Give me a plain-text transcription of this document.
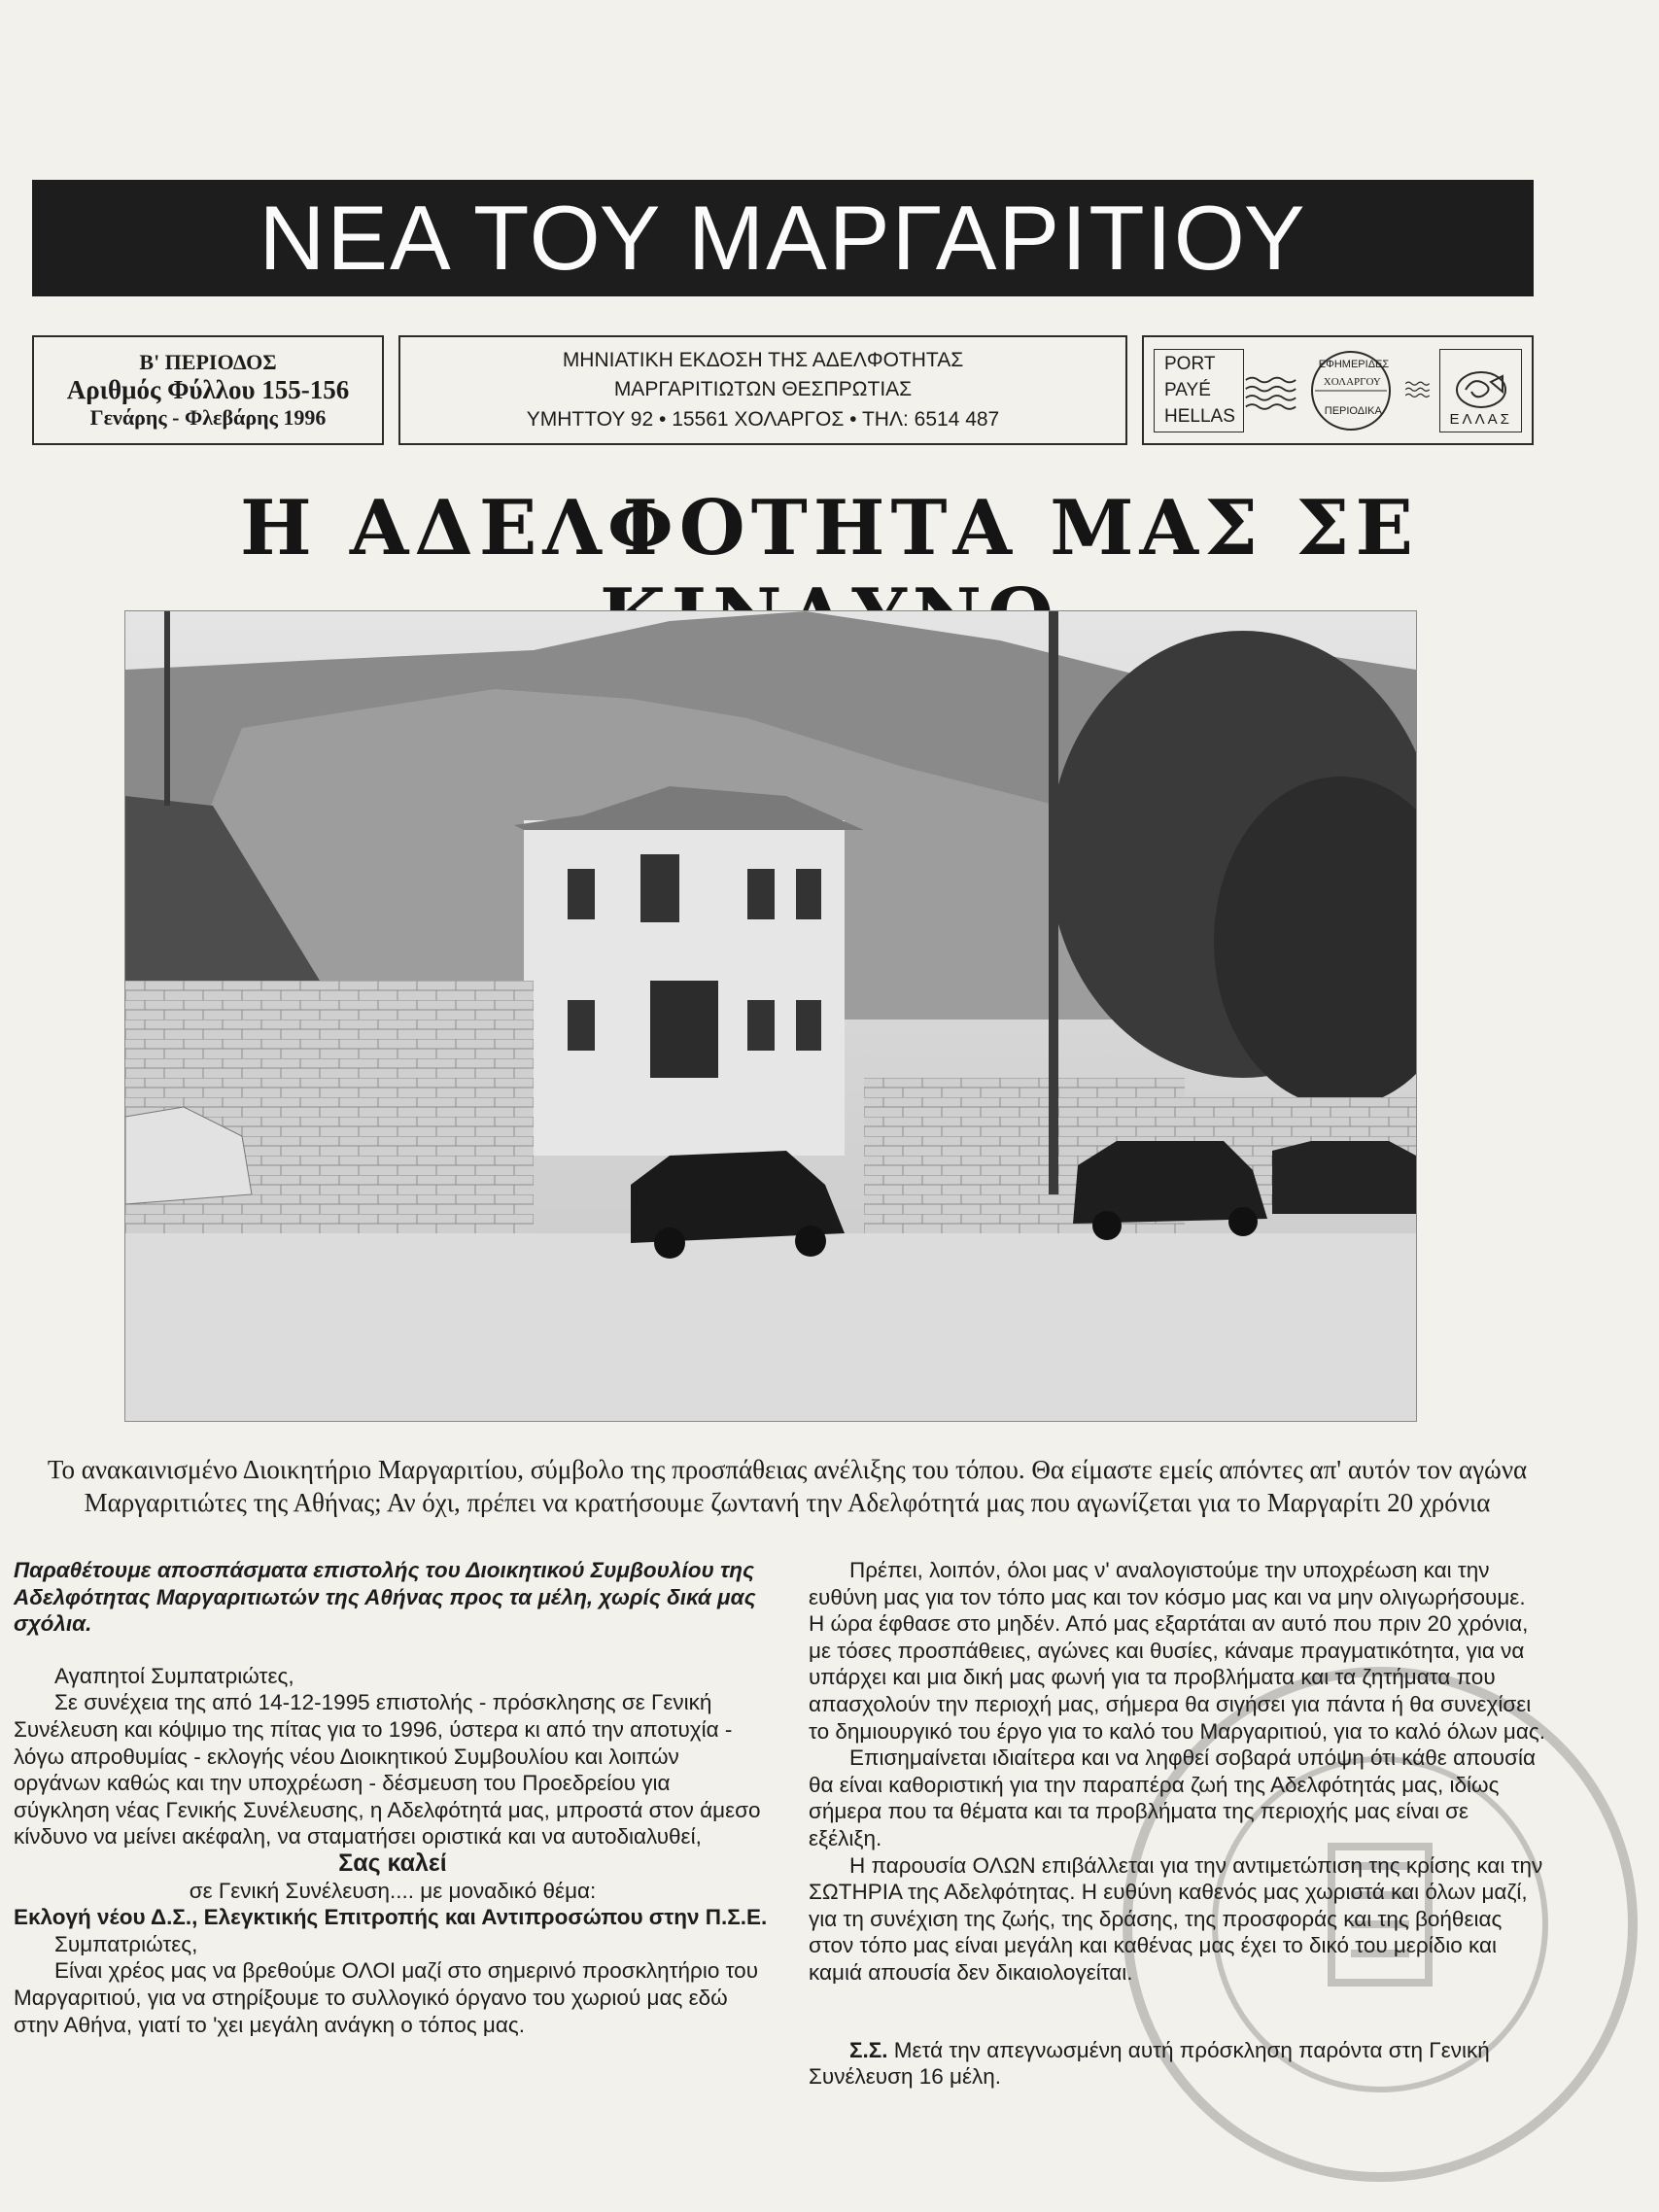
ΝΕΑ ΤΟΥ ΜΑΡΓΑΡΙΤΙΟΥ
Β' ΠΕΡΙΟΔΟΣ
Αριθμός Φύλλου 155-156
Γενάρης - Φλεβάρης 1996
ΜΗΝΙΑΤΙΚΗ ΕΚΔΟΣΗ ΤΗΣ ΑΔΕΛΦΟΤΗΤΑΣ
ΜΑΡΓΑΡΙΤΙΩΤΩΝ ΘΕΣΠΡΩΤΙΑΣ
ΥΜΗΤΤΟΥ 92 • 15561 ΧΟΛΑΡΓΟΣ • ΤΗΛ: 6514 487
PORT
PAYÉ
HELLAS
ΕΦΗΜΕΡΙΔΕΣ
ΧΟΛΑΡΓΟΥ
ΠΕΡΙΟΔΙΚΑ	ΕΛΛΑΣ
Η ΑΔΕΛΦΟΤΗΤΑ ΜΑΣ ΣΕ
Το ανακαινισμένο Διοικητήριο Μαργαριτίου, σύμβολο της προσπάθειας ανέλιξης του τόπου. Θα είμαστε εμείς απόντες απ' αυτόν τον αγώνα Μαργαριτιώτες της Αθήνας; Αν όχι, πρέπει να κρατήσουμε ζωντανή την Αδελφότητά μας που αγωνίζεται για το Μαργαρίτι 20 χρόνια

Παραθέτουμε αποσπάσματα επιστολής του Διοικητικού Συμβουλίου της Αδελφότητας Μαργαριτιωτών της Αθήνας προς τα μέλη, χωρίς δικά μας σχόλια.

Αγαπητοί Συμπατριώτες,

Σε συνέχεια της από 14-12-1995 επιστολής - πρόσκλησης σε Γενική Συνέλευση και κόψιμο της πίτας για το 1996, ύστερα κι από την αποτυχία - λόγω απροθυμίας - εκλογής νέου Διοικητικού Συμβουλίου και λοιπών οργάνων καθώς και την υποχρέωση - δέσμευση του Προεδρείου για σύγκληση νέας Γενικής Συνέλευσης, η Αδελφότητά μας, μπροστά στον άμεσο κίνδυνο να μείνει ακέφαλη, να σταματήσει οριστικά και να αυτοδιαλυθεί,

Σας καλεί

σε Γενική Συνέλευση.... με μοναδικό θέμα:

Εκλογή νέου Δ.Σ., Ελεγκτικής Επιτροπής και Αντιπροσώπου στην Π.Σ.Ε.

Συμπατριώτες,

Είναι χρέος μας να βρεθούμε ΟΛΟΙ μαζί στο σημερινό προσκλητήριο του Μαργαριτιού, για να στηρίξουμε το συλλογικό όργανο του χωριού μας εδώ στην Αθήνα, γιατί το 'χει μεγάλη ανάγκη ο τόπος μας.

Πρέπει, λοιπόν, όλοι μας ν' αναλογιστούμε την υποχρέωση και την ευθύνη μας για τον τόπο μας και τον κόσμο μας και να μην ολιγωρήσουμε. Η ώρα έφθασε στο μηδέν. Από μας εξαρτάται αν αυτό που πριν 20 χρόνια, με τόσες προσπάθειες, αγώνες και θυσίες, κάναμε πραγματικότητα, για να υπάρχει και μια δική μας φωνή για τα προβλήματα και τα ζητήματα που απασχολούν την περιοχή μας, σήμερα θα σιγήσει για πάντα ή θα συνεχίσει το δημιουργικό του έργο για το καλό του Μαργαριτιού, για το καλό όλων μας.

Επισημαίνεται ιδιαίτερα και να ληφθεί σοβαρά υπόψη ότι κάθε απουσία θα είναι καθοριστική για την παραπέρα ζωή της Αδελφότητάς μας, ιδίως σήμερα που τα θέματα και τα προβλήματα της περιοχής μας είναι σε εξέλιξη.

Η παρουσία ΟΛΩΝ επιβάλλεται για την αντιμετώπιση της κρίσης και την ΣΩΤΗΡΙΑ της Αδελφότητας. Η ευθύνη καθενός μας χωριστά και όλων μαζί, για τη συνέχιση της ζωής, της δράσης, της προσφοράς και της βοήθειας στον τόπο μας είναι μεγάλη και καθένας μας έχει το δικό του μερίδιο και καμιά απουσία δεν δικαιολογείται.

Σ.Σ. Μετά την απεγνωσμένη αυτή πρόσκληση παρόντα στη Γενική Συνέλευση 16 μέλη.
